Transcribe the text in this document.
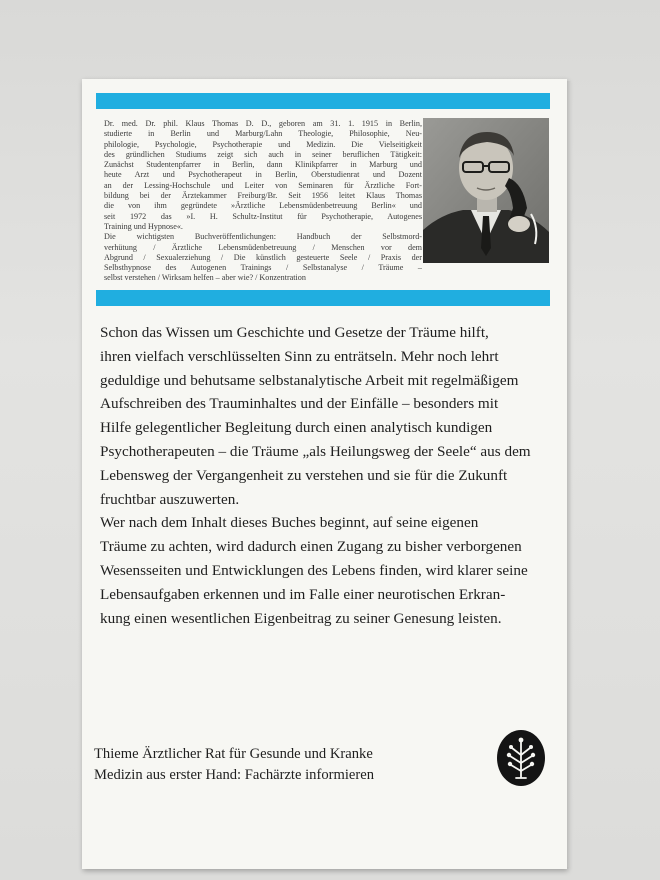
Dr. med. Dr. phil. Klaus Thomas D. D., geboren am 31. 1. 1915 in Berlin,
studierte in Berlin und Marburg/Lahn Theologie, Philosophie, Neu-
philologie, Psychologie, Psychotherapie und Medizin. Die Vielseitigkeit
des gründlichen Studiums zeigt sich auch in seiner beruflichen Tätigkeit:
Zunächst Studentenpfarrer in Berlin, dann Klinikpfarrer in Marburg und
heute Arzt und Psychotherapeut in Berlin, Oberstudienrat und Dozent
an der Lessing-Hochschule und Leiter von Seminaren für Ärztliche Fort-
bildung bei der Ärztekammer Freiburg/Br. Seit 1956 leitet Klaus Thomas
die von ihm gegründete »Ärztliche Lebensmüdenbetreuung Berlin« und
seit 1972 das »I. H. Schultz-Institut für Psychotherapie, Autogenes
Training und Hypnose«.
Die wichtigsten Buchveröffentlichungen: Handbuch der Selbstmord-
verhütung / Ärztliche Lebensmüdenbetreuung / Menschen vor dem
Abgrund / Sexualerziehung / Die künstlich gesteuerte Seele / Praxis der
Selbsthypnose des Autogenen Trainings / Selbstanalyse / Träume –
selbst verstehen / Wirksam helfen – aber wie? / Konzentration
Schon das Wissen um Geschichte und Gesetze der Träume hilft,
ihren vielfach verschlüsselten Sinn zu enträtseln. Mehr noch lehrt
geduldige und behutsame selbstanalytische Arbeit mit regelmäßigem
Aufschreiben des Trauminhaltes und der Einfälle – besonders mit
Hilfe gelegentlicher Begleitung durch einen analytisch kundigen
Psychotherapeuten – die Träume „als Heilungsweg der Seele“ aus dem
Lebensweg der Vergangenheit zu verstehen und sie für die Zukunft
fruchtbar auszuwerten.
Wer nach dem Inhalt dieses Buches beginnt, auf seine eigenen
Träume zu achten, wird dadurch einen Zugang zu bisher verborgenen
Wesensseiten und Entwicklungen des Lebens finden, wird klarer seine
Lebensaufgaben erkennen und im Falle einer neurotischen Erkran-
kung einen wesentlichen Eigenbeitrag zu seiner Genesung leisten.
Thieme Ärztlicher Rat für Gesunde und Kranke
Medizin aus erster Hand: Fachärzte informieren
